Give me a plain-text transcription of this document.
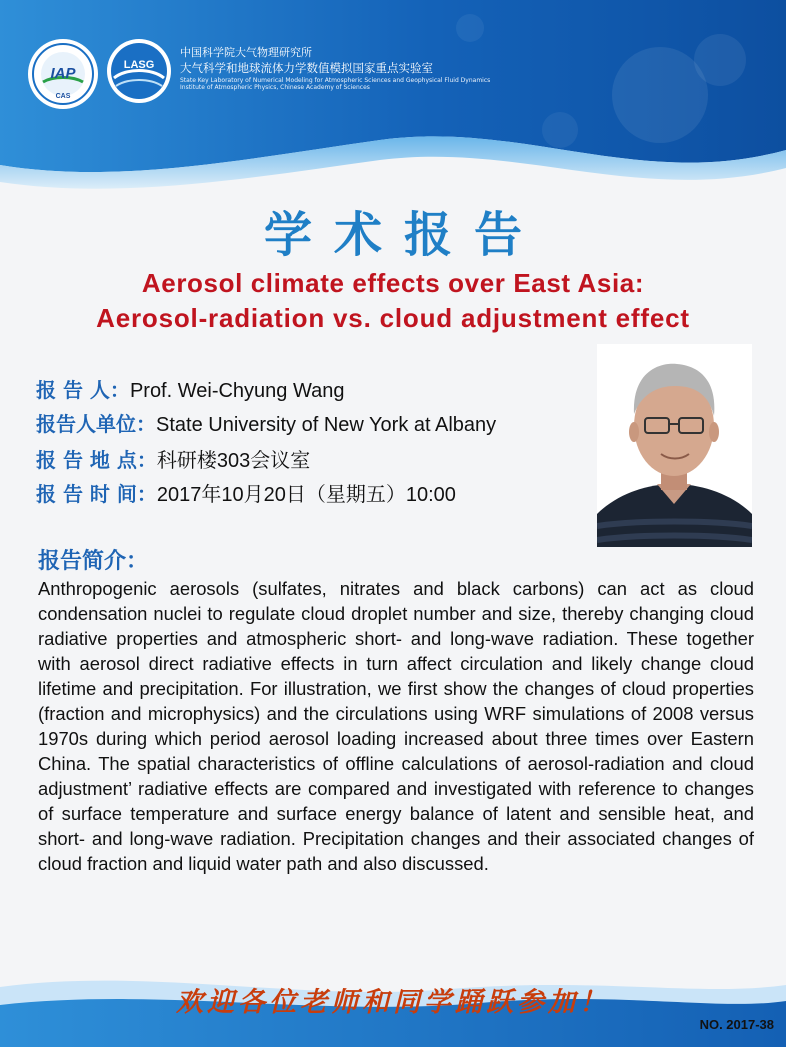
IAP
CAS
LASG
中国科学院大气物理研究所
大气科学和地球流体力学数值模拟国家重点实验室
State Key Laboratory of Numerical Modeling for Atmospheric Sciences and Geophysical Fluid Dynamics
Institute of Atmospheric Physics, Chinese Academy of Sciences
学术报告
Aerosol climate effects over East Asia:
Aerosol-radiation vs. cloud adjustment effect
报 告 人：Prof. Wei-Chyung Wang
报告人单位：State University of New York at Albany
报 告 地 点：科研楼303会议室
报 告 时 间：2017年10月20日（星期五）10:00
报告简介：

Anthropogenic aerosols (sulfates, nitrates and black carbons) can act as cloud condensation nuclei to regulate cloud droplet number and size, thereby changing cloud radiative properties and atmospheric short- and long-wave radiation. These together with aerosol direct radiative effects in turn affect circulation and likely change cloud lifetime and precipitation. For illustration, we first show the changes of cloud properties (fraction and microphysics) and the circulations using WRF simulations of 2008 versus 1970s during which period aerosol loading increased about three times over Eastern China. The spatial characteristics of offline calculations of aerosol-radiation and cloud adjustment’ radiative effects are compared and investigated with reference to changes of surface temperature and surface energy balance of latent and sensible heat, and short- and long-wave radiation. Precipitation changes and their associated changes of cloud fraction and liquid water path and also discussed.

欢迎各位老师和同学踊跃参加！
NO. 2017-38
